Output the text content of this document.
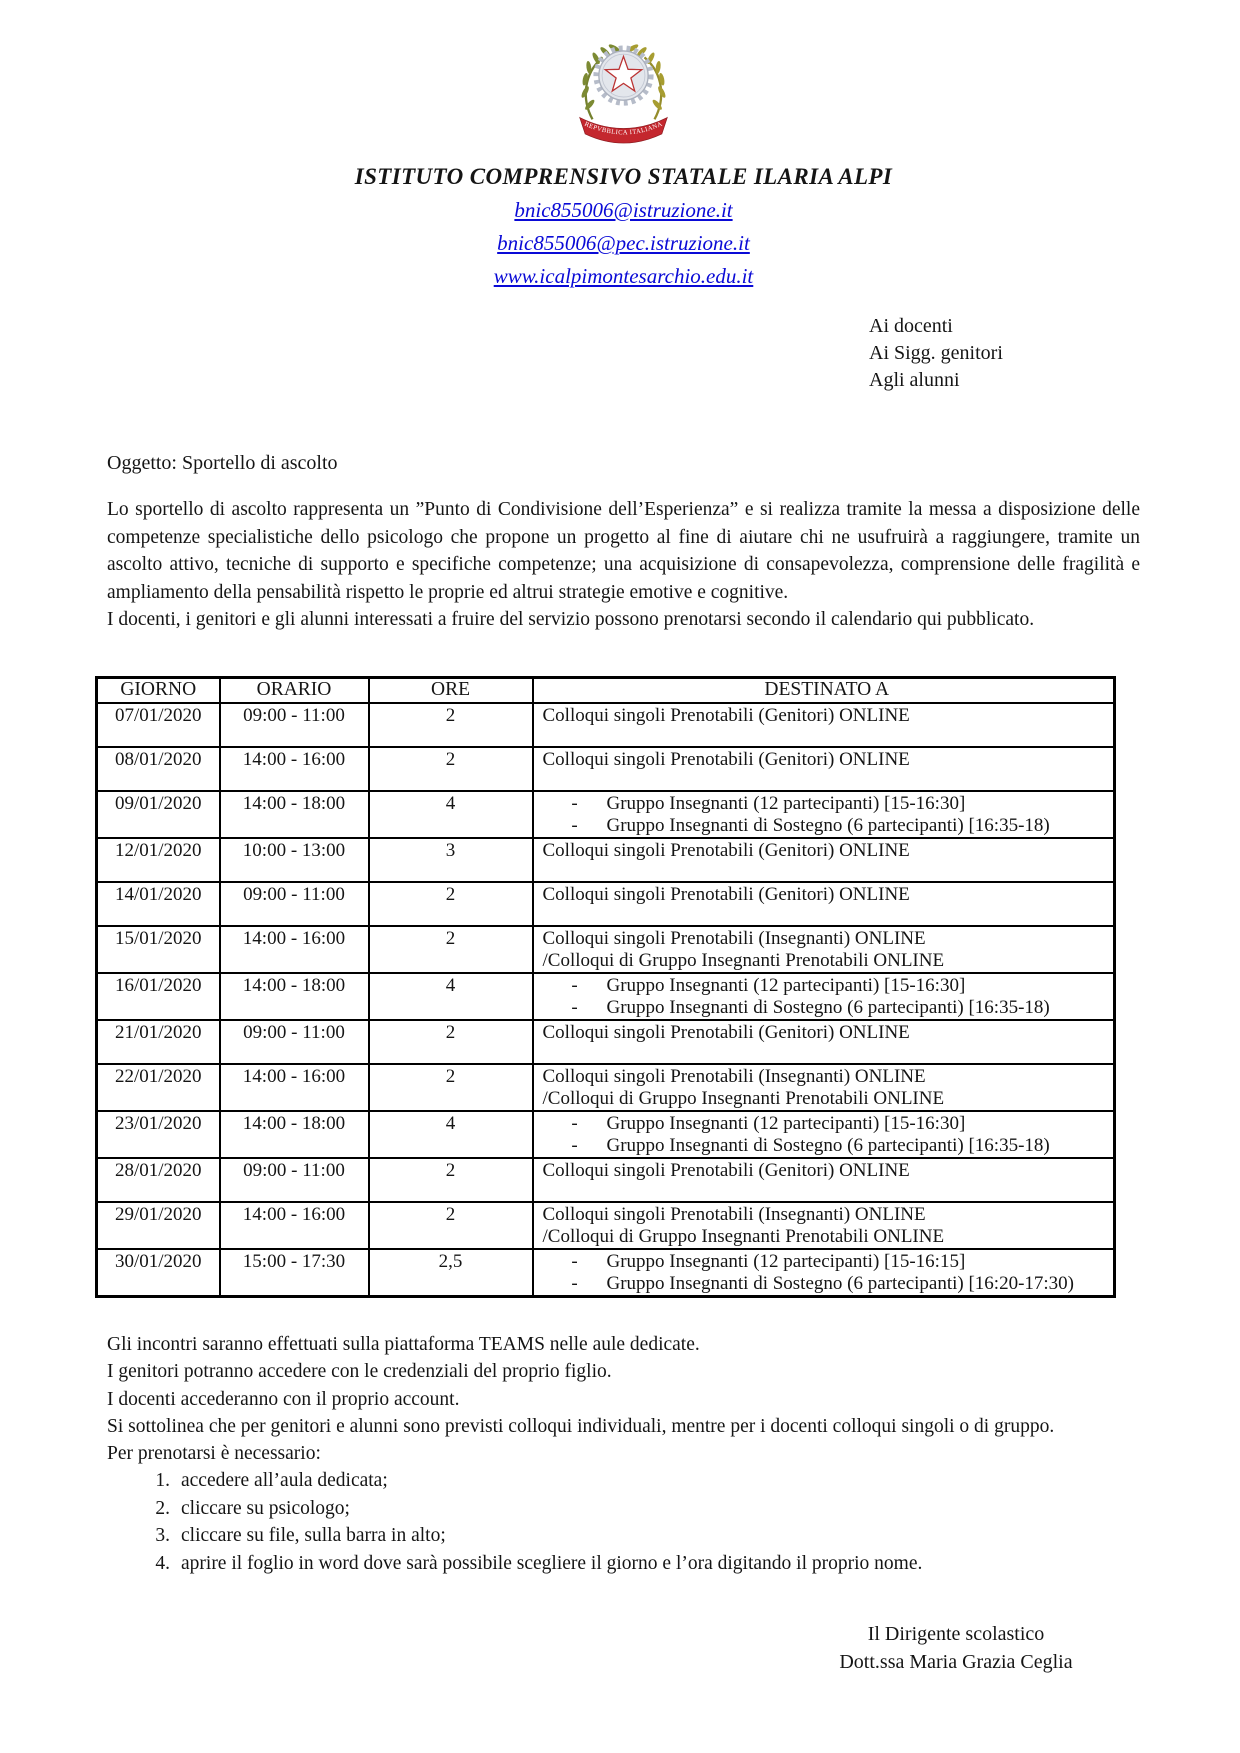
REPVBBLICA ITALIANA
ISTITUTO COMPRENSIVO STATALE ILARIA ALPI
bnic855006@istruzione.it
bnic855006@pec.istruzione.it
www.icalpimontesarchio.edu.it
Ai docenti
Ai Sigg. genitori
Agli alunni
Oggetto: Sportello di ascolto
Lo sportello di ascolto rappresenta un ”Punto di Condivisione dell’Esperienza” e si realizza tramite la messa a disposizione delle competenze specialistiche dello psicologo che propone un progetto al fine di aiutare chi ne usufruirà a raggiungere, tramite un ascolto attivo, tecniche di supporto e specifiche competenze; una acquisizione di consapevolezza, comprensione delle fragilità e ampliamento della pensabilità rispetto le proprie ed altrui strategie emotive e cognitive.
I docenti, i genitori e gli alunni interessati a fruire del servizio possono prenotarsi secondo il calendario qui pubblicato.
GIORNO	ORARIO	ORE	DESTINATO A
07/01/2020	09:00 - 11:00	2	Colloqui singoli Prenotabili (Genitori) ONLINE

08/01/2020	14:00 - 16:00	2	Colloqui singoli Prenotabili (Genitori) ONLINE

09/01/2020	14:00 - 18:00	4	- Gruppo Insegnanti (12 partecipanti) [15-16:30]
- Gruppo Insegnanti di Sostegno (6 partecipanti) [16:35-18)

12/01/2020	10:00 - 13:00	3	Colloqui singoli Prenotabili (Genitori) ONLINE

14/01/2020	09:00 - 11:00	2	Colloqui singoli Prenotabili (Genitori) ONLINE

15/01/2020	14:00 - 16:00	2	Colloqui singoli Prenotabili (Insegnanti) ONLINE
/Colloqui di Gruppo Insegnanti Prenotabili ONLINE

16/01/2020	14:00 - 18:00	4	- Gruppo Insegnanti (12 partecipanti) [15-16:30]
- Gruppo Insegnanti di Sostegno (6 partecipanti) [16:35-18)

21/01/2020	09:00 - 11:00	2	Colloqui singoli Prenotabili (Genitori) ONLINE

22/01/2020	14:00 - 16:00	2	Colloqui singoli Prenotabili (Insegnanti) ONLINE
/Colloqui di Gruppo Insegnanti Prenotabili ONLINE

23/01/2020	14:00 - 18:00	4	- Gruppo Insegnanti (12 partecipanti) [15-16:30]
- Gruppo Insegnanti di Sostegno (6 partecipanti) [16:35-18)

28/01/2020	09:00 - 11:00	2	Colloqui singoli Prenotabili (Genitori) ONLINE

29/01/2020	14:00 - 16:00	2	Colloqui singoli Prenotabili (Insegnanti) ONLINE
/Colloqui di Gruppo Insegnanti Prenotabili ONLINE

30/01/2020	15:00 - 17:30	2,5	- Gruppo Insegnanti (12 partecipanti) [15-16:15]
- Gruppo Insegnanti di Sostegno (6 partecipanti) [16:20-17:30)
Gli incontri saranno effettuati sulla piattaforma TEAMS nelle aule dedicate.
I genitori potranno accedere con le credenziali del proprio figlio.
I docenti accederanno con il proprio account.
Si sottolinea che per genitori e alunni sono previsti colloqui individuali, mentre per i docenti colloqui singoli o di gruppo.
Per prenotarsi è necessario:
1. accedere all’aula dedicata;
2. cliccare su psicologo;
3. cliccare su file, sulla barra in alto;
4. aprire il foglio in word dove sarà possibile scegliere il giorno e l’ora digitando il proprio nome.
Il Dirigente scolastico
Dott.ssa Maria Grazia Ceglia
